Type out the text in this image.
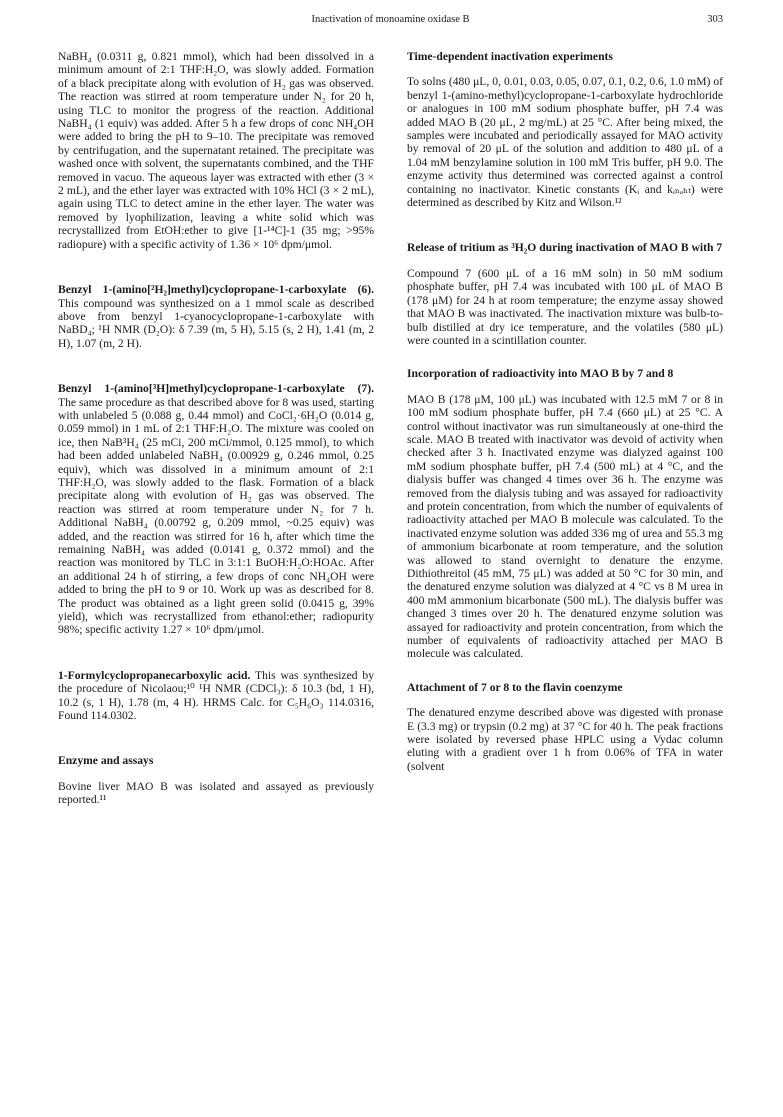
Inactivation of monoamine oxidase B	303

NaBH₄ (0.0311 g, 0.821 mmol), which had been dissolved in a minimum amount of 2:1 THF:H₂O, was slowly added. Formation of a black precipitate along with evolution of H₂ gas was observed. The reaction was stirred at room temperature under N₂ for 20 h, using TLC to monitor the progress of the reaction. Additional NaBH₄ (1 equiv) was added. After 5 h a few drops of conc NH₄OH were added to bring the pH to 9–10. The precipitate was removed by centrifugation, and the supernatant retained. The precipitate was washed once with solvent, the supernatants combined, and the THF removed in vacuo. The aqueous layer was extracted with ether (3 × 2 mL), and the ether layer was extracted with 10% HCl (3 × 2 mL), again using TLC to detect amine in the ether layer. The water was removed by lyophilization, leaving a white solid which was recrystallized from EtOH:ether to give [1-¹⁴C]-1 (35 mg; >95% radiopure) with a specific activity of 1.36 × 10⁶ dpm/μmol.

Benzyl 1-(amino[²H₂]methyl)cyclopropane-1-carboxylate (6). This compound was synthesized on a 1 mmol scale as described above from benzyl 1-cyanocyclopropane-1-carboxylate with NaBD₄; ¹H NMR (D₂O): δ 7.39 (m, 5 H), 5.15 (s, 2 H), 1.41 (m, 2 H), 1.07 (m, 2 H).

Benzyl 1-(amino[³H]methyl)cyclopropane-1-carboxylate (7). The same procedure as that described above for 8 was used, starting with unlabeled 5 (0.088 g, 0.44 mmol) and CoCl₂·6H₂O (0.014 g, 0.059 mmol) in 1 mL of 2:1 THF:H₂O. The mixture was cooled on ice, then NaB³H₄ (25 mCi, 200 mCi/mmol, 0.125 mmol), to which had been added unlabeled NaBH₄ (0.00929 g, 0.246 mmol, 0.25 equiv), which was dissolved in a minimum amount of 2:1 THF:H₂O, was slowly added to the flask. Formation of a black precipitate along with evolution of H₂ gas was observed. The reaction was stirred at room temperature under N₂ for 7 h. Additional NaBH₄ (0.00792 g, 0.209 mmol, ~0.25 equiv) was added, and the reaction was stirred for 16 h, after which time the remaining NaBH₄ was added (0.0141 g, 0.372 mmol) and the reaction was monitored by TLC in 3:1:1 BuOH:H₂O:HOAc. After an additional 24 h of stirring, a few drops of conc NH₄OH were added to bring the pH to 9 or 10. Work up was as described for 8. The product was obtained as a light green solid (0.0415 g, 39% yield), which was recrystallized from ethanol:ether; radiopurity 98%; specific activity 1.27 × 10⁶ dpm/μmol.

1-Formylcyclopropanecarboxylic acid. This was synthesized by the procedure of Nicolaou;¹⁰ ¹H NMR (CDCl₃): δ 10.3 (bd, 1 H), 10.2 (s, 1 H), 1.78 (m, 4 H). HRMS Calc. for C₅H₆O₃ 114.0316, Found 114.0302.

Enzyme and assays

Bovine liver MAO B was isolated and assayed as previously reported.¹¹

Time-dependent inactivation experiments

To solns (480 μL, 0, 0.01, 0.03, 0.05, 0.07, 0.1, 0.2, 0.6, 1.0 mM) of benzyl 1-(amino-methyl)cyclopropane-1-carboxylate hydrochloride or analogues in 100 mM sodium phosphate buffer, pH 7.4 was added MAO B (20 μL, 2 mg/mL) at 25 °C. After being mixed, the samples were incubated and periodically assayed for MAO activity by removal of 20 μL of the solution and addition to 480 μL of a 1.04 mM benzylamine solution in 100 mM Tris buffer, pH 9.0. The enzyme activity thus determined was corrected against a control containing no inactivator. Kinetic constants (Kᵢ and kᵢₙₐₕₜ) were determined as described by Kitz and Wilson.¹²

Release of tritium as ³H₂O during inactivation of MAO B with 7

Compound 7 (600 μL of a 16 mM soln) in 50 mM sodium phosphate buffer, pH 7.4 was incubated with 100 μL of MAO B (178 μM) for 24 h at room temperature; the enzyme assay showed that MAO B was inactivated. The inactivation mixture was bulb-to-bulb distilled at dry ice temperature, and the volatiles (580 μL) were counted in a scintillation counter.

Incorporation of radioactivity into MAO B by 7 and 8

MAO B (178 μM, 100 μL) was incubated with 12.5 mM 7 or 8 in 100 mM sodium phosphate buffer, pH 7.4 (660 μL) at 25 °C. A control without inactivator was run simultaneously at one-third the scale. MAO B treated with inactivator was devoid of activity when checked after 3 h. Inactivated enzyme was dialyzed against 100 mM sodium phosphate buffer, pH 7.4 (500 mL) at 4 °C, and the dialysis buffer was changed 4 times over 36 h. The enzyme was removed from the dialysis tubing and was assayed for radioactivity and protein concentration, from which the number of equivalents of radioactivity attached per MAO B molecule was calculated. To the inactivated enzyme solution was added 336 mg of urea and 55.3 mg of ammonium bicarbonate at room temperature, and the solution was allowed to stand overnight to denature the enzyme. Dithiothreitol (45 mM, 75 μL) was added at 50 °C for 30 min, and the denatured enzyme solution was dialyzed at 4 °C vs 8 M urea in 400 mM ammonium bicarbonate (500 mL). The dialysis buffer was changed 3 times over 20 h. The denatured enzyme solution was assayed for radioactivity and protein concentration, from which the number of equivalents of radioactivity attached per MAO B molecule was calculated.

Attachment of 7 or 8 to the flavin coenzyme

The denatured enzyme described above was digested with pronase E (3.3 mg) or trypsin (0.2 mg) at 37 °C for 40 h. The peak fractions were isolated by reversed phase HPLC using a Vydac column eluting with a gradient over 1 h from 0.06% of TFA in water (solvent
